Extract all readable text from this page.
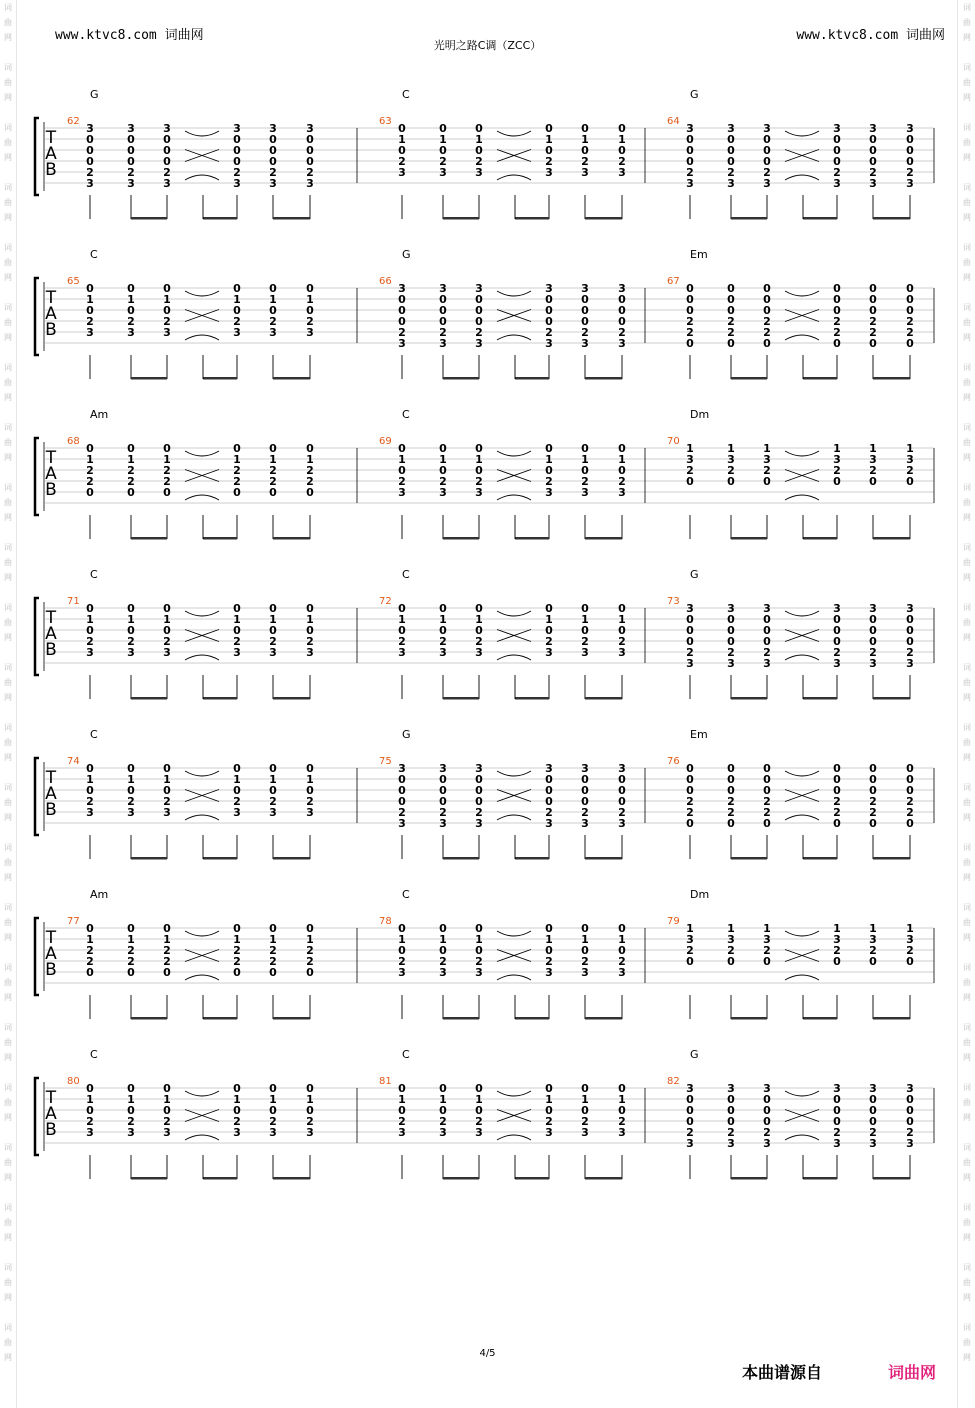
词
曲
网
词
曲
网
词
曲
网
词
曲
网
词
曲
网
词
曲
网
词
曲
网
词
曲
网
词
曲
网
词
曲
网
词
曲
网
词
曲
网
词
曲
网
词
曲
网
词
曲
网
词
曲
网
词
曲
网
词
曲
网
词
曲
网
词
曲
网
词
曲
网
词
曲
网
词
曲
网
词
曲
网
词
曲
网
词
曲
网
词
曲
网
词
曲
网
词
曲
网
词
曲
网
词
曲
网
词
曲
网
词
曲
网
词
曲
网
词
曲
网
词
曲
网
词
曲
网
词
曲
网
词
曲
网
词
曲
网
词
曲
网
词
曲
网
词
曲
网
词
曲
网
词
曲
网
词
曲
网
www.ktvc8.com 词曲网	www.ktvc8.com 词曲网
光明之路C调（ZCC）
T
A
B
G
62
3
0
0
0
2
3
3
0
0
0
2
3
3
0
0
0
2
3
3
0
0
0
2
3
3
0
0
0
2
3
3
0
0
0
2
3
C
63
0
1
0
2
3
0
1
0
2
3
0
1
0
2
3
0
1
0
2
3
0
1
0
2
3
0
1
0
2
3
G
64
3
0
0
0
2
3
3
0
0
0
2
3
3
0
0
0
2
3
3
0
0
0
2
3
3
0
0
0
2
3
3
0
0
0
2
3
T
A
B
C
65
0
1
0
2
3
0
1
0
2
3
0
1
0
2
3
0
1
0
2
3
0
1
0
2
3
0
1
0
2
3
G
66
3
0
0
0
2
3
3
0
0
0
2
3
3
0
0
0
2
3
3
0
0
0
2
3
3
0
0
0
2
3
3
0
0
0
2
3
Em
67
0
0
0
2
2
0
0
0
0
2
2
0
0
0
0
2
2
0
0
0
0
2
2
0
0
0
0
2
2
0
0
0
0
2
2
0
T
A
B
Am
68
0
1
2
2
0
0
1
2
2
0
0
1
2
2
0
0
1
2
2
0
0
1
2
2
0
0
1
2
2
0
C
69
0
1
0
2
3
0
1
0
2
3
0
1
0
2
3
0
1
0
2
3
0
1
0
2
3
0
1
0
2
3
Dm
70
1
3
2
0
1
3
2
0
1
3
2
0
1
3
2
0
1
3
2
0
1
3
2
0
T
A
B
C
71
0
1
0
2
3
0
1
0
2
3
0
1
0
2
3
0
1
0
2
3
0
1
0
2
3
0
1
0
2
3
C
72
0
1
0
2
3
0
1
0
2
3
0
1
0
2
3
0
1
0
2
3
0
1
0
2
3
0
1
0
2
3
G
73
3
0
0
0
2
3
3
0
0
0
2
3
3
0
0
0
2
3
3
0
0
0
2
3
3
0
0
0
2
3
3
0
0
0
2
3
T
A
B
C
74
0
1
0
2
3
0
1
0
2
3
0
1
0
2
3
0
1
0
2
3
0
1
0
2
3
0
1
0
2
3
G
75
3
0
0
0
2
3
3
0
0
0
2
3
3
0
0
0
2
3
3
0
0
0
2
3
3
0
0
0
2
3
3
0
0
0
2
3
Em
76
0
0
0
2
2
0
0
0
0
2
2
0
0
0
0
2
2
0
0
0
0
2
2
0
0
0
0
2
2
0
0
0
0
2
2
0
T
A
B
Am
77
0
1
2
2
0
0
1
2
2
0
0
1
2
2
0
0
1
2
2
0
0
1
2
2
0
0
1
2
2
0
C
78
0
1
0
2
3
0
1
0
2
3
0
1
0
2
3
0
1
0
2
3
0
1
0
2
3
0
1
0
2
3
Dm
79
1
3
2
0
1
3
2
0
1
3
2
0
1
3
2
0
1
3
2
0
1
3
2
0
T
A
B
C
80
0
1
0
2
3
0
1
0
2
3
0
1
0
2
3
0
1
0
2
3
0
1
0
2
3
0
1
0
2
3
C
81
0
1
0
2
3
0
1
0
2
3
0
1
0
2
3
0
1
0
2
3
0
1
0
2
3
0
1
0
2
3
G
82
3
0
0
0
2
3
3
0
0
0
2
3
3
0
0
0
2
3
3
0
0
0
2
3
3
0
0
0
2
3
3
0
0
0
2
3
4/5
本曲谱源自	词曲网
